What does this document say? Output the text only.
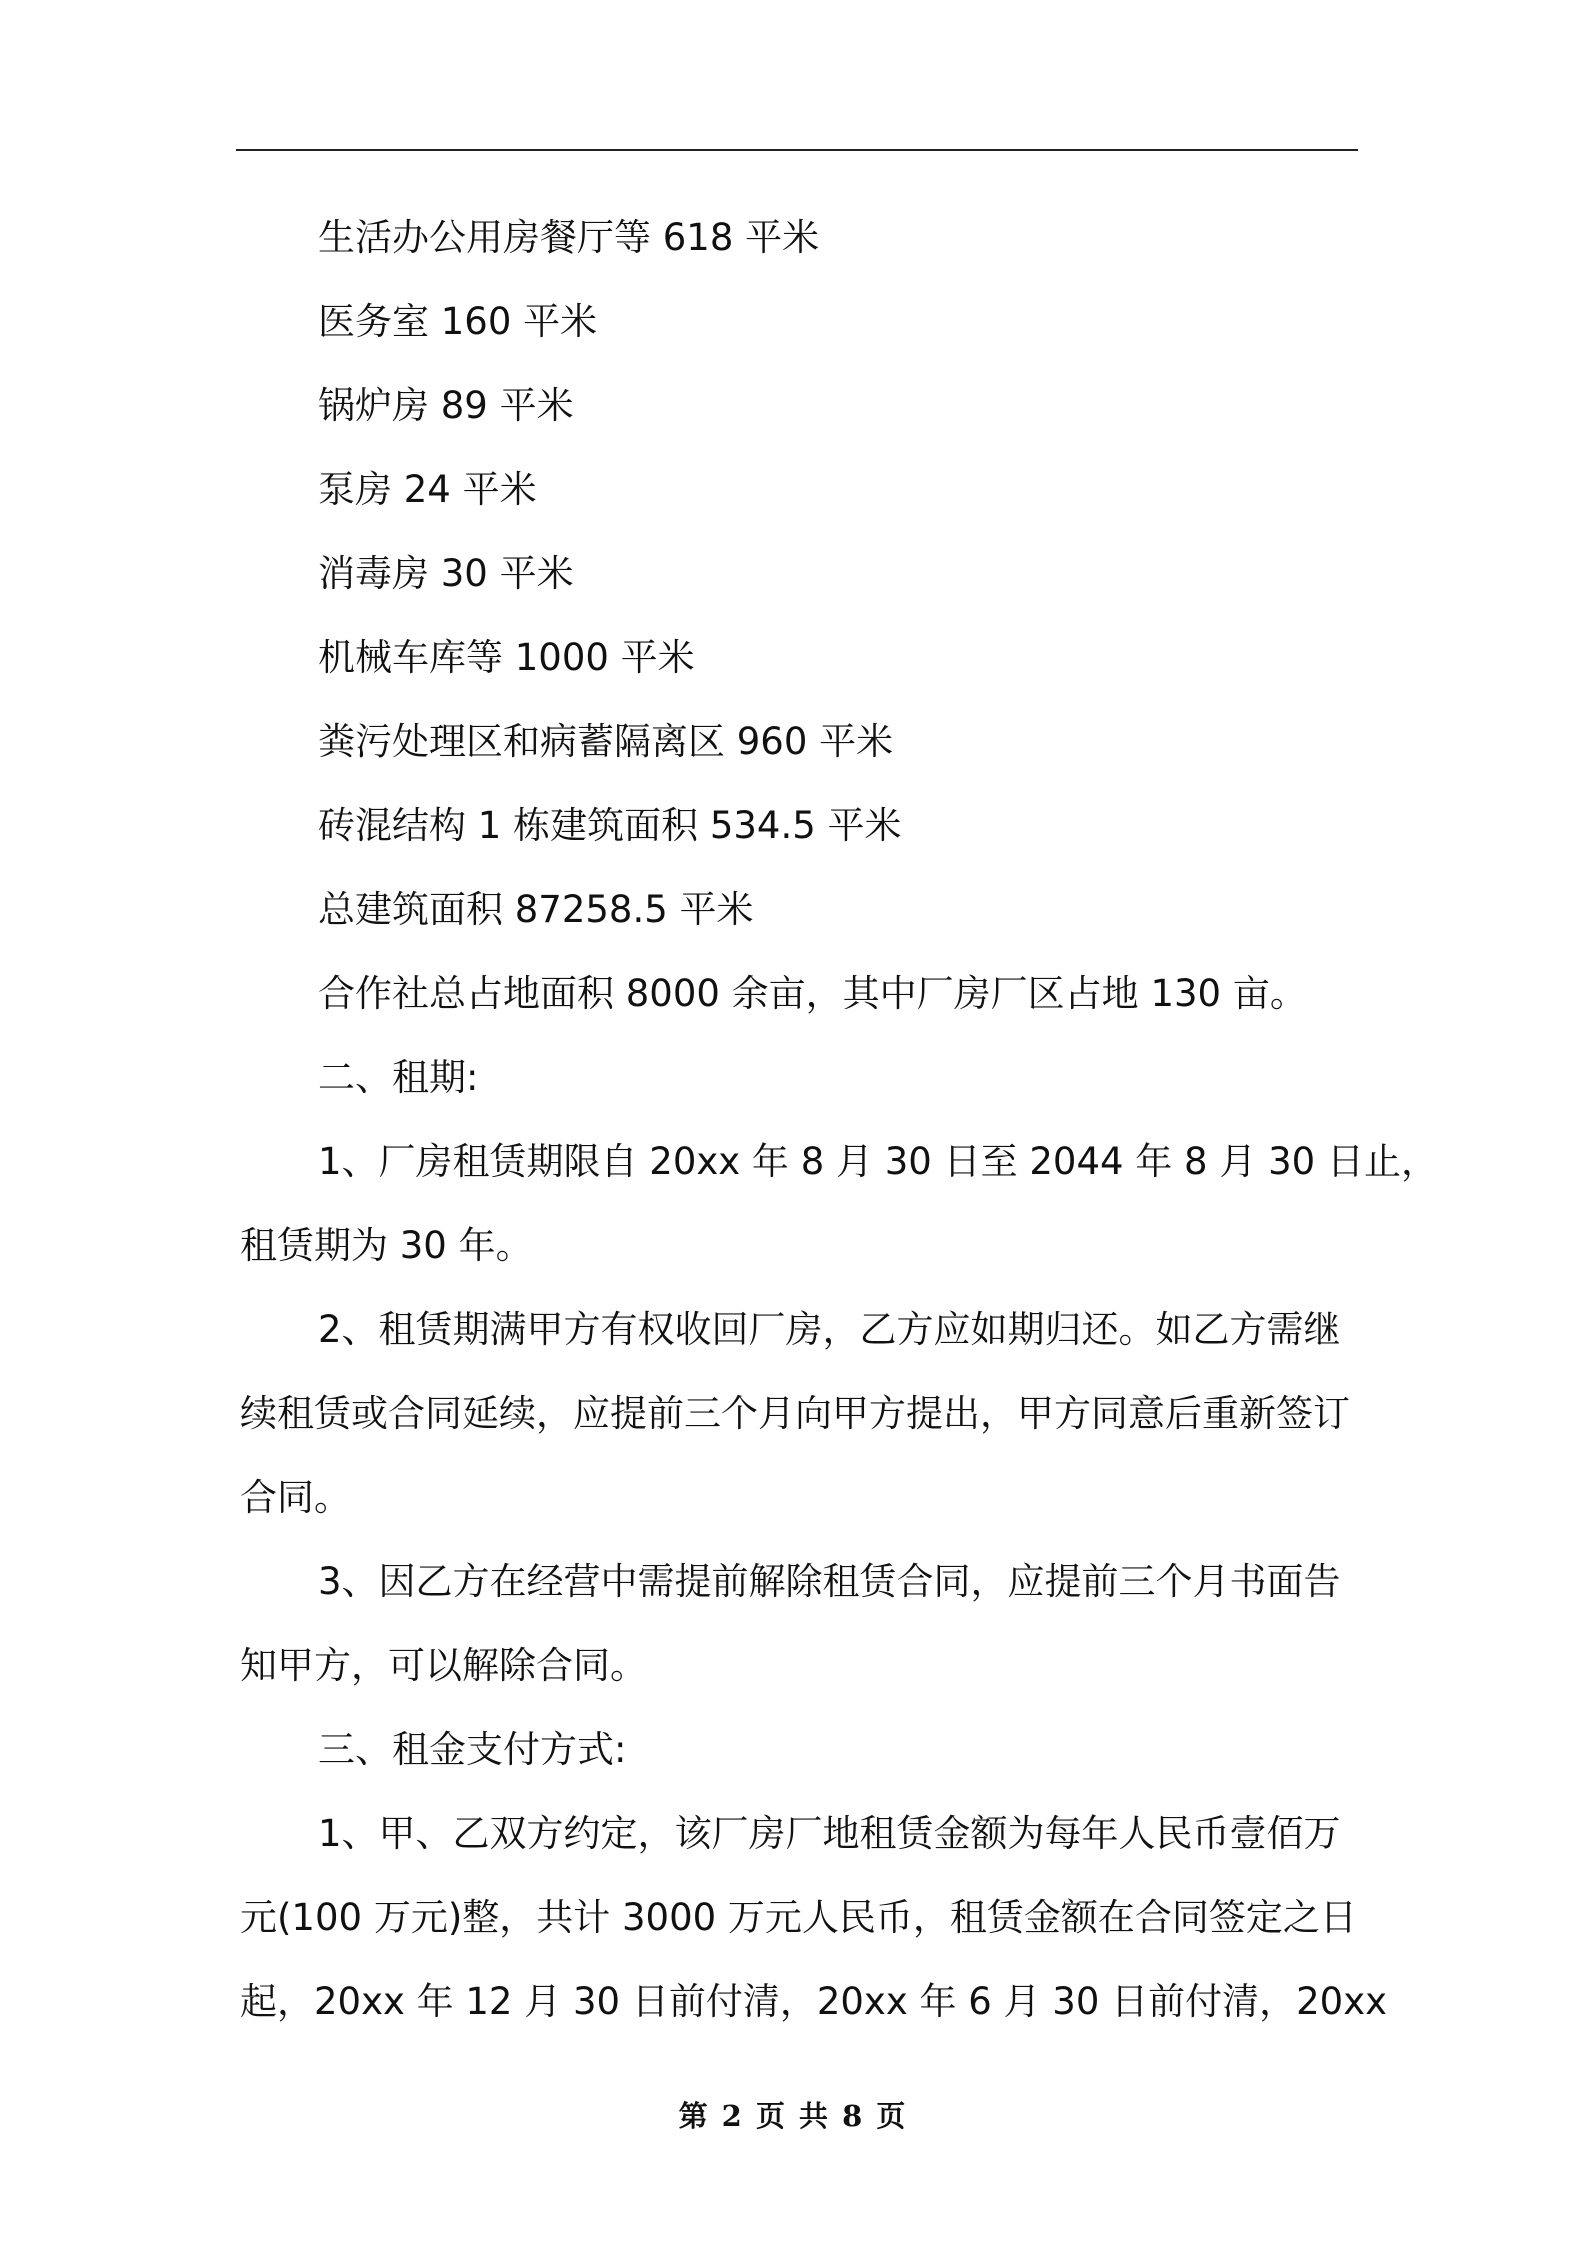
生活办公用房餐厅等 618 平米

医务室 160 平米

锅炉房 89 平米

泵房 24 平米

消毒房 30 平米

机械车库等 1000 平米

粪污处理区和病蓄隔离区 960 平米

砖混结构 1 栋建筑面积 534.5 平米

总建筑面积 87258.5 平米

合作社总占地面积 8000 余亩，其中厂房厂区占地 130 亩。

二、租期:

1、厂房租赁期限自 20xx 年 8 月 30 日至 2044 年 8 月 30 日止，
租赁期为 30 年。
2、租赁期满甲方有权收回厂房，乙方应如期归还。如乙方需继
续租赁或合同延续，应提前三个月向甲方提出，甲方同意后重新签订
合同。
3、因乙方在经营中需提前解除租赁合同，应提前三个月书面告
知甲方，可以解除合同。

三、租金支付方式:

1、甲、乙双方约定，该厂房厂地租赁金额为每年人民币壹佰万
元(100 万元)整，共计 3000 万元人民币，租赁金额在合同签定之日
起，20xx 年 12 月 30 日前付清，20xx 年 6 月 30 日前付清，20xx
第 2 页 共 8 页
